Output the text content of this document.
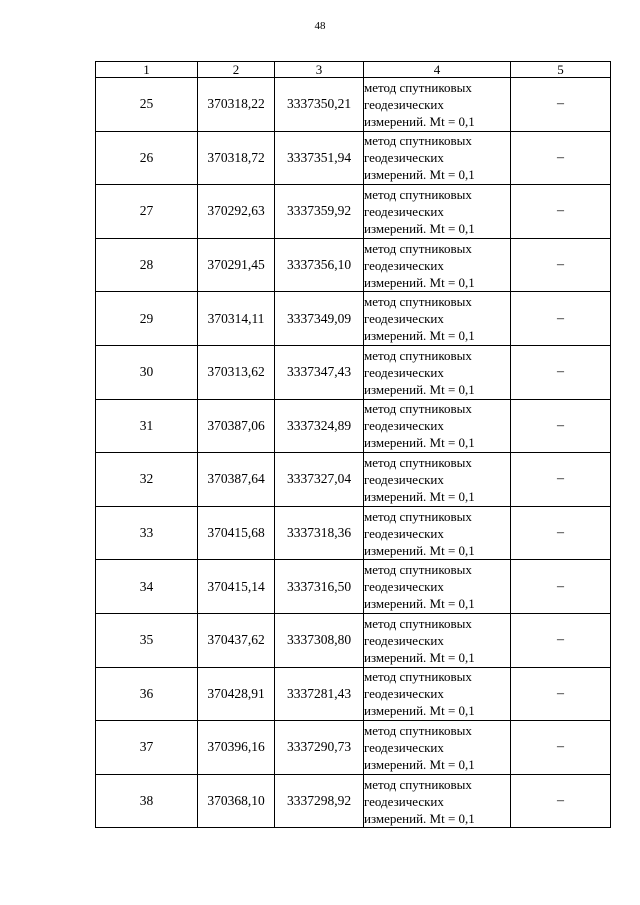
48
1	2	3	4	5
25	370318,22	3337350,21	метод спутниковых
геодезических
измерений. Mt = 0,1	–
26	370318,72	3337351,94	метод спутниковых
геодезических
измерений. Mt = 0,1	–
27	370292,63	3337359,92	метод спутниковых
геодезических
измерений. Mt = 0,1	–
28	370291,45	3337356,10	метод спутниковых
геодезических
измерений. Mt = 0,1	–
29	370314,11	3337349,09	метод спутниковых
геодезических
измерений. Mt = 0,1	–
30	370313,62	3337347,43	метод спутниковых
геодезических
измерений. Mt = 0,1	–
31	370387,06	3337324,89	метод спутниковых
геодезических
измерений. Mt = 0,1	–
32	370387,64	3337327,04	метод спутниковых
геодезических
измерений. Mt = 0,1	–
33	370415,68	3337318,36	метод спутниковых
геодезических
измерений. Mt = 0,1	–
34	370415,14	3337316,50	метод спутниковых
геодезических
измерений. Mt = 0,1	–
35	370437,62	3337308,80	метод спутниковых
геодезических
измерений. Mt = 0,1	–
36	370428,91	3337281,43	метод спутниковых
геодезических
измерений. Mt = 0,1	–
37	370396,16	3337290,73	метод спутниковых
геодезических
измерений. Mt = 0,1	–
38	370368,10	3337298,92	метод спутниковых
геодезических
измерений. Mt = 0,1	–
